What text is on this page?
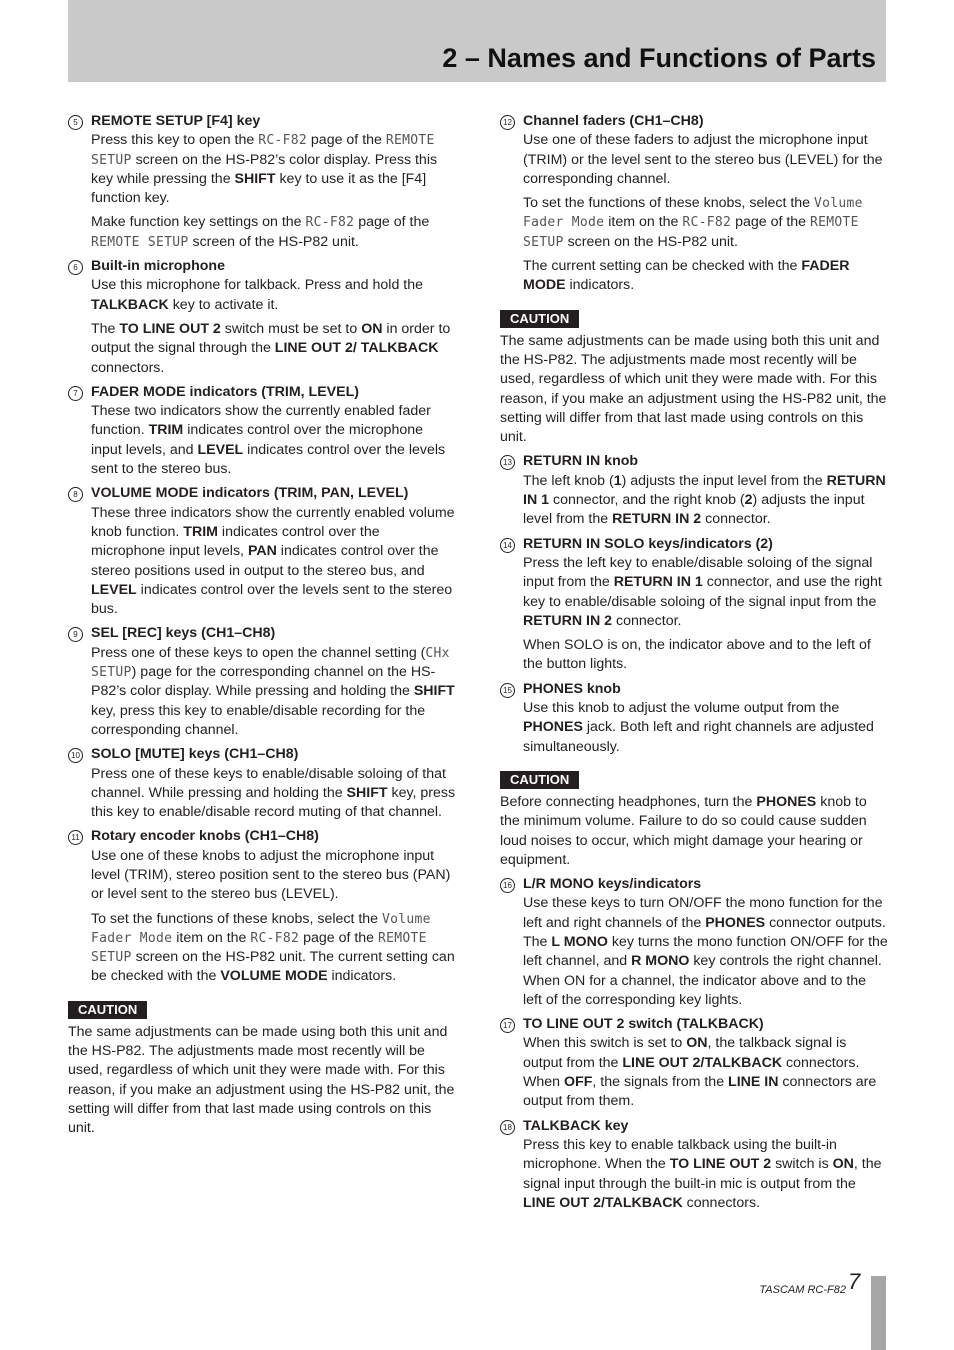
2 – Names and Functions of Parts

5 REMOTE SETUP [F4] key

Press this key to open the RC-F82 page of the REMOTE SETUP screen on the HS-P82’s color display. Press this key while pressing the SHIFT key to use it as the [F4] function key.

Make function key settings on the RC-F82 page of the REMOTE SETUP screen of the HS-P82 unit.

6 Built-in microphone

Use this microphone for talkback. Press and hold the TALKBACK key to activate it.

The TO LINE OUT 2 switch must be set to ON in order to output the signal through the LINE OUT 2/ TALKBACK connectors.

7 FADER MODE indicators (TRIM, LEVEL)

These two indicators show the currently enabled fader function. TRIM indicates control over the microphone input levels, and LEVEL indicates control over the levels sent to the stereo bus.

8 VOLUME MODE indicators (TRIM, PAN, LEVEL)

These three indicators show the currently enabled volume knob function. TRIM indicates control over the microphone input levels, PAN indicates control over the stereo positions used in output to the stereo bus, and LEVEL indicates control over the levels sent to the stereo bus.

9 SEL [REC] keys (CH1–CH8)

Press one of these keys to open the channel setting (CHx SETUP) page for the corresponding channel on the HS-P82’s color display. While pressing and holding the SHIFT key, press this key to enable/disable recording for the corresponding channel.

10 SOLO [MUTE] keys (CH1–CH8)

Press one of these keys to enable/disable soloing of that channel. While pressing and holding the SHIFT key, press this key to enable/disable record muting of that channel.

11 Rotary encoder knobs (CH1–CH8)

Use one of these knobs to adjust the microphone input level (TRIM), stereo position sent to the stereo bus (PAN) or level sent to the stereo bus (LEVEL).

To set the functions of these knobs, select the Volume Fader Mode item on the RC-F82 page of the REMOTE SETUP screen on the HS-P82 unit. The current setting can be checked with the VOLUME MODE indicators.

CAUTION

The same adjustments can be made using both this unit and the HS-P82. The adjustments made most recently will be used, regardless of which unit they were made with. For this reason, if you make an adjustment using the HS-P82 unit, the setting will differ from that last made using controls on this unit.

12 Channel faders (CH1–CH8)

Use one of these faders to adjust the microphone input (TRIM) or the level sent to the stereo bus (LEVEL) for the corresponding channel.

To set the functions of these knobs, select the Volume Fader Mode item on the RC-F82 page of the REMOTE SETUP screen on the HS-P82 unit.

The current setting can be checked with the FADER MODE indicators.

CAUTION

The same adjustments can be made using both this unit and the HS-P82. The adjustments made most recently will be used, regardless of which unit they were made with. For this reason, if you make an adjustment using the HS-P82 unit, the setting will differ from that last made using controls on this unit.

13 RETURN IN knob

The left knob (1) adjusts the input level from the RETURN IN 1 connector, and the right knob (2) adjusts the input level from the RETURN IN 2 connector.

14 RETURN IN SOLO keys/indicators (2)

Press the left key to enable/disable soloing of the signal input from the RETURN IN 1 connector, and use the right key to enable/disable soloing of the signal input from the RETURN IN 2 connector.

When SOLO is on, the indicator above and to the left of the button lights.

15 PHONES knob

Use this knob to adjust the volume output from the PHONES jack. Both left and right channels are adjusted simultaneously.

CAUTION

Before connecting headphones, turn the PHONES knob to the minimum volume. Failure to do so could cause sudden loud noises to occur, which might damage your hearing or equipment.

16 L/R MONO keys/indicators

Use these keys to turn ON/OFF the mono function for the left and right channels of the PHONES connector outputs. The L MONO key turns the mono function ON/OFF for the left channel, and R MONO key controls the right channel. When ON for a channel, the indicator above and to the left of the corresponding key lights.

17 TO LINE OUT 2 switch (TALKBACK)

When this switch is set to ON, the talkback signal is output from the LINE OUT 2/TALKBACK connectors. When OFF, the signals from the LINE IN connectors are output from them.

18 TALKBACK key

Press this key to enable talkback using the built-in microphone. When the TO LINE OUT 2 switch is ON, the signal input through the built-in mic is output from the LINE OUT 2/TALKBACK connectors.

TASCAM RC-F82 7
